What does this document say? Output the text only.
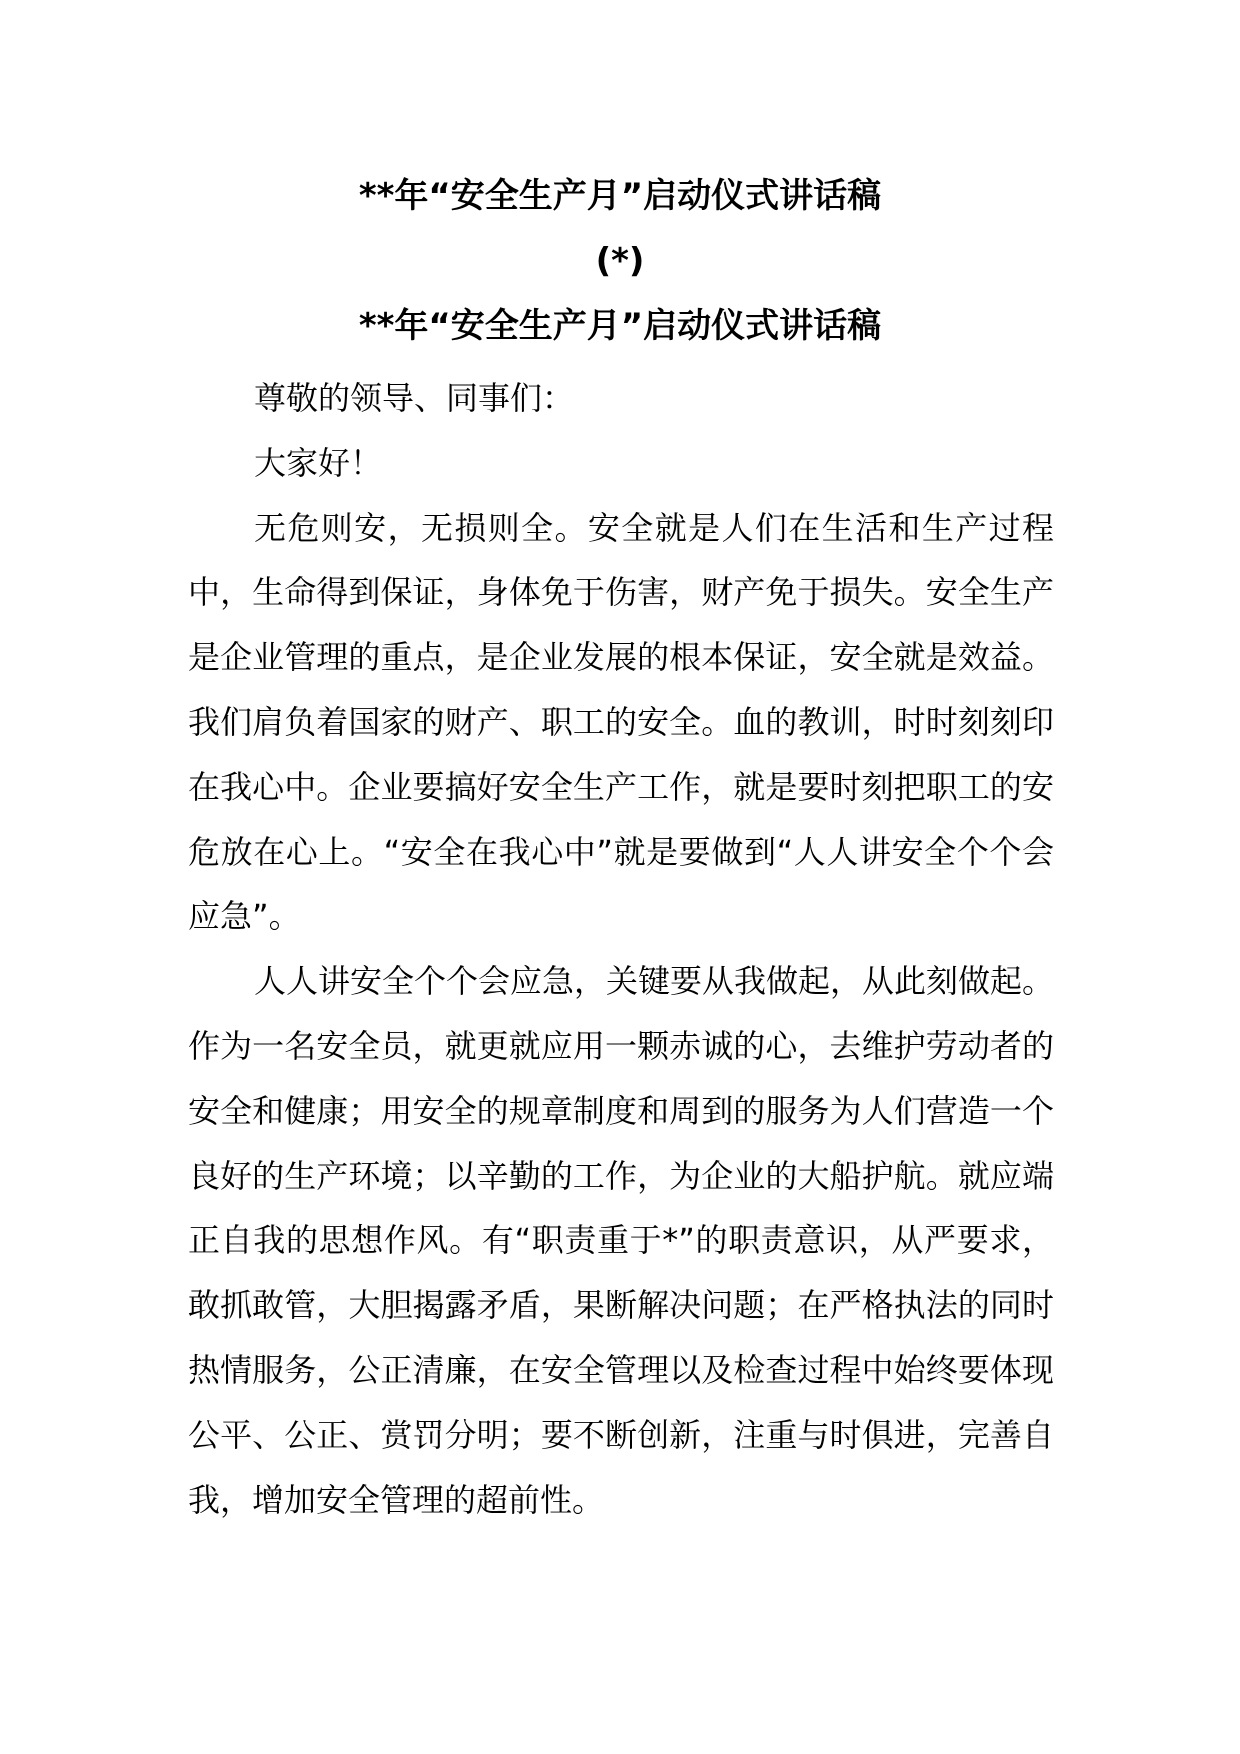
**年“安全生产月”启动仪式讲话稿
(*)
**年“安全生产月”启动仪式讲话稿

尊敬的领导、同事们：

大家好！

无危则安，无损则全。安全就是人们在生活和生产过程中，生命得到保证，身体免于伤害，财产免于损失。安全生产是企业管理的重点，是企业发展的根本保证，安全就是效益。我们肩负着国家的财产、职工的安全。血的教训，时时刻刻印在我心中。企业要搞好安全生产工作，就是要时刻把职工的安危放在心上。“安全在我心中”就是要做到“人人讲安全个个会应急”。

人人讲安全个个会应急，关键要从我做起，从此刻做起。作为一名安全员，就更就应用一颗赤诚的心，去维护劳动者的安全和健康；用安全的规章制度和周到的服务为人们营造一个良好的生产环境；以辛勤的工作，为企业的大船护航。就应端正自我的思想作风。有“职责重于*”的职责意识，从严要求，敢抓敢管，大胆揭露矛盾，果断解决问题；在严格执法的同时热情服务，公正清廉，在安全管理以及检查过程中始终要体现公平、公正、赏罚分明；要不断创新，注重与时俱进，完善自我，增加安全管理的超前性。
